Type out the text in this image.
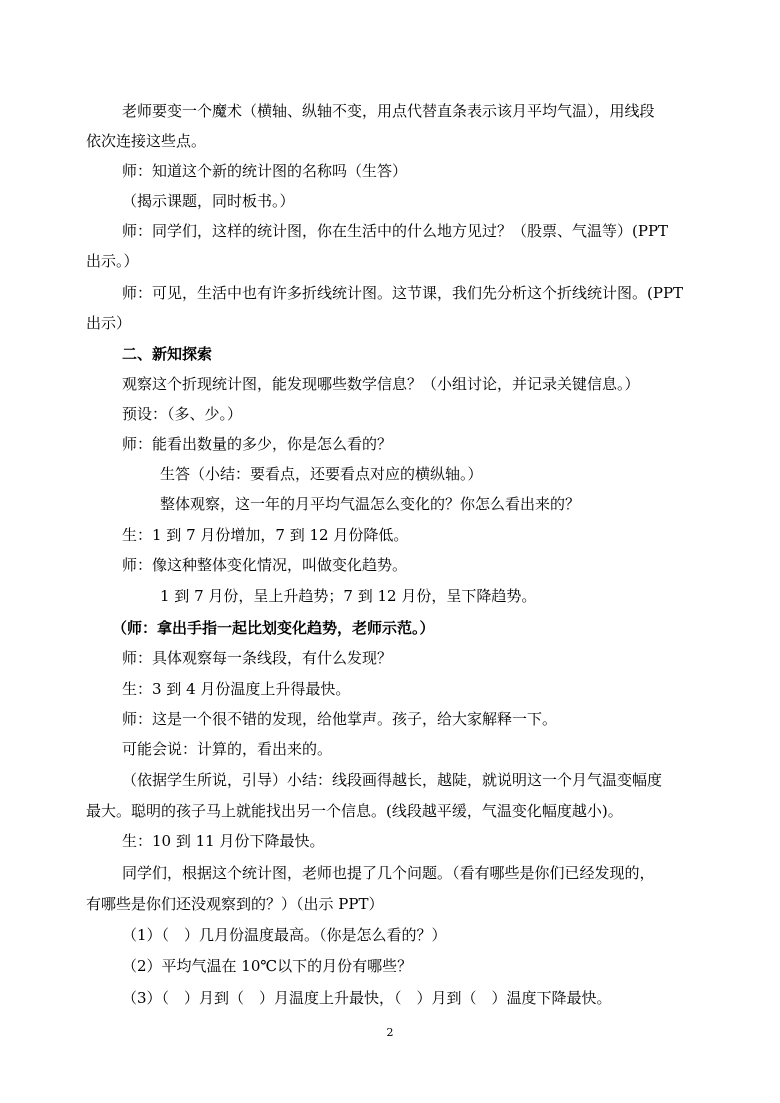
老师要变一个魔术（横轴、纵轴不变，用点代替直条表示该月平均气温），用线段

依次连接这些点。

师：知道这个新的统计图的名称吗（生答）

（揭示课题，同时板书。）

师：同学们，这样的统计图，你在生活中的什么地方见过？（股票、气温等）(PPT

出示。）

师：可见，生活中也有许多折线统计图。这节课，我们先分析这个折线统计图。(PPT

出示）

二、新知探索

观察这个折现统计图，能发现哪些数学信息？（小组讨论，并记录关键信息。）

预设：（多、少。）

师：能看出数量的多少，你是怎么看的？

生答（小结：要看点，还要看点对应的横纵轴。）

整体观察，这一年的月平均气温怎么变化的？你怎么看出来的？

生：1 到 7 月份增加，7 到 12 月份降低。

师：像这种整体变化情况，叫做变化趋势。

1 到 7 月份，呈上升趋势；7 到 12 月份，呈下降趋势。

（师：拿出手指一起比划变化趋势，老师示范。）

师：具体观察每一条线段，有什么发现？

生：3 到 4 月份温度上升得最快。

师：这是一个很不错的发现，给他掌声。孩子，给大家解释一下。

可能会说：计算的，看出来的。

（依据学生所说，引导）小结：线段画得越长，越陡，就说明这一个月气温变幅度

最大。聪明的孩子马上就能找出另一个信息。(线段越平缓，气温变化幅度越小)。

生：10 到 11 月份下降最快。

同学们，根据这个统计图，老师也提了几个问题。（看有哪些是你们已经发现的，

有哪些是你们还没观察到的？）（出示 PPT）

（1）（　）几月份温度最高。（你是怎么看的？）

（2）平均气温在 10℃以下的月份有哪些？

（3）（　）月到（　）月温度上升最快，（　）月到（　）温度下降最快。

2
